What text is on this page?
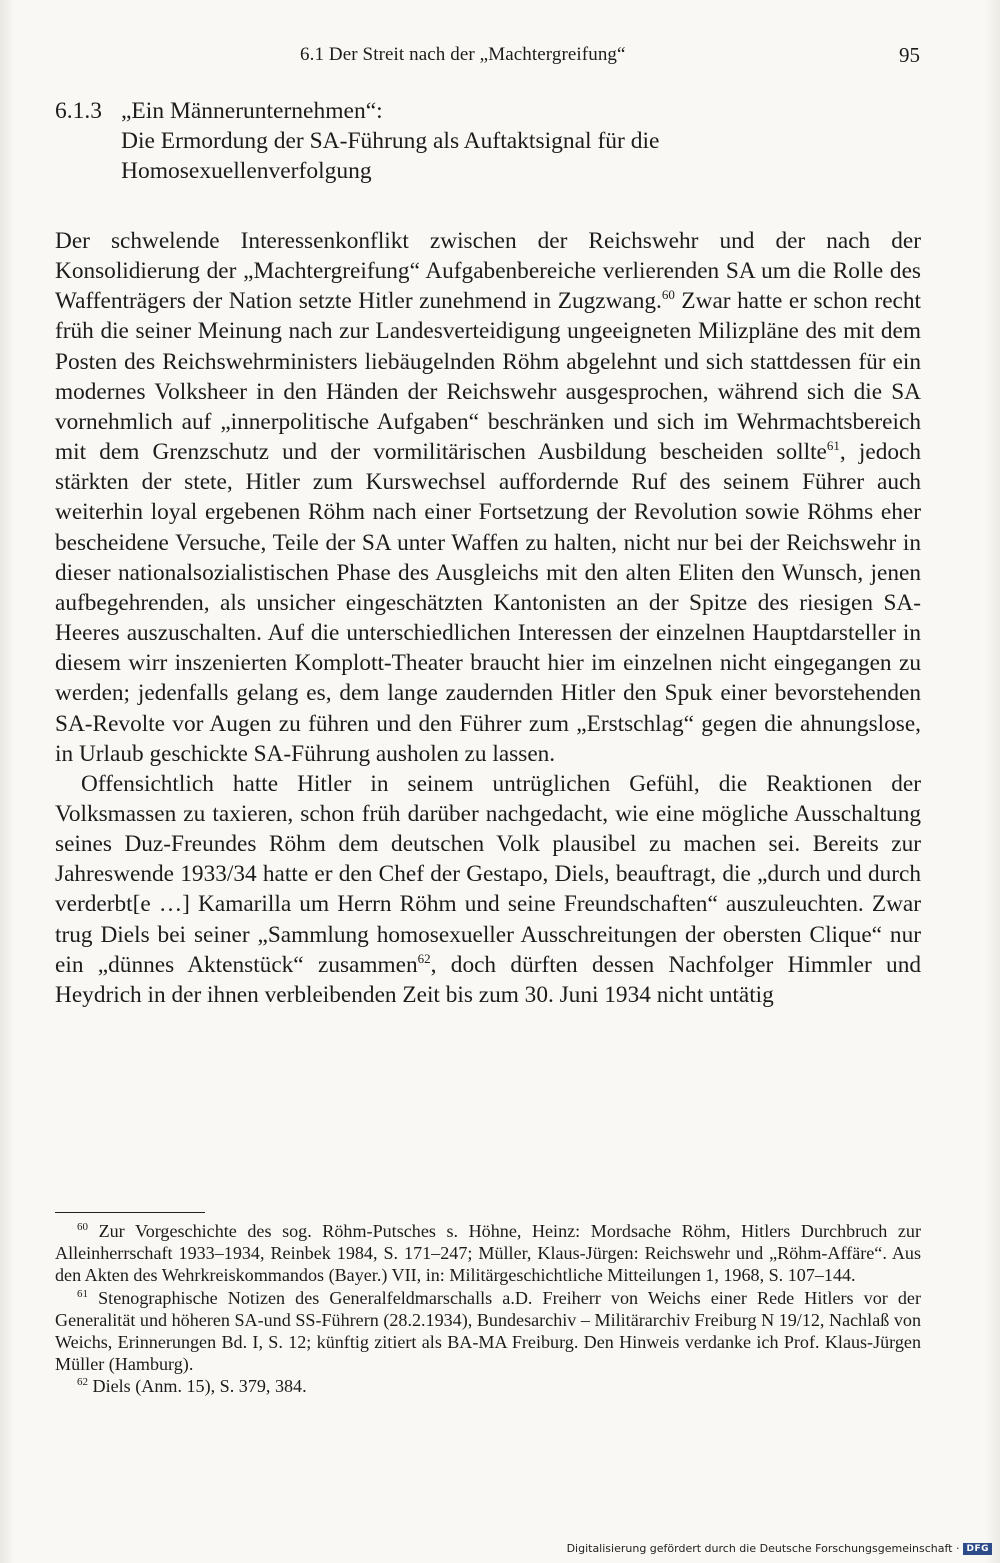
6.1 Der Streit nach der „Machtergreifung“	95
6.1.3 „Ein Männerunternehmen“:
Die Ermordung der SA-Führung als Auftaktsignal für die
Homosexuellenverfolgung

Der schwelende Interessenkonflikt zwischen der Reichswehr und der nach der Konsolidierung der „Machtergreifung“ Aufgabenbereiche verlierenden SA um die Rolle des Waffenträgers der Nation setzte Hitler zunehmend in Zugzwang.$^{60}$ Zwar hatte er schon recht früh die seiner Meinung nach zur Landesverteidigung ungeeigneten Milizpläne des mit dem Posten des Reichswehrministers liebäugelnden Röhm abgelehnt und sich stattdessen für ein modernes Volksheer in den Händen der Reichswehr ausgesprochen, während sich die SA vornehmlich auf „innerpolitische Aufgaben“ beschränken und sich im Wehrmachtsbereich mit dem Grenzschutz und der vormilitärischen Ausbildung bescheiden sollte$^{61}$, jedoch stärkten der stete, Hitler zum Kurswechsel auffordernde Ruf des seinem Führer auch weiterhin loyal ergebenen Röhm nach einer Fortsetzung der Revolution sowie Röhms eher bescheidene Versuche, Teile der SA unter Waffen zu halten, nicht nur bei der Reichswehr in dieser nationalsozialistischen Phase des Ausgleichs mit den alten Eliten den Wunsch, jenen aufbegehrenden, als unsicher eingeschätzten Kantonisten an der Spitze des riesigen SA-Heeres auszuschalten. Auf die unterschiedlichen Interessen der einzelnen Hauptdarsteller in diesem wirr inszenierten Komplott-Theater braucht hier im einzelnen nicht eingegangen zu werden; jedenfalls gelang es, dem lange zaudernden Hitler den Spuk einer bevorstehenden SA-Revolte vor Augen zu führen und den Führer zum „Erstschlag“ gegen die ahnungslose, in Urlaub geschickte SA-Führung ausholen zu lassen.

Offensichtlich hatte Hitler in seinem untrüglichen Gefühl, die Reaktionen der Volksmassen zu taxieren, schon früh darüber nachgedacht, wie eine mögliche Ausschaltung seines Duz-Freundes Röhm dem deutschen Volk plausibel zu machen sei. Bereits zur Jahreswende 1933/34 hatte er den Chef der Gestapo, Diels, beauftragt, die „durch und durch verderbt[e …] Kamarilla um Herrn Röhm und seine Freundschaften“ auszuleuchten. Zwar trug Diels bei seiner „Sammlung homosexueller Ausschreitungen der obersten Clique“ nur ein „dünnes Aktenstück“ zusammen$^{62}$, doch dürften dessen Nachfolger Himmler und Heydrich in der ihnen verbleibenden Zeit bis zum 30. Juni 1934 nicht untätig

$^{60}$ Zur Vorgeschichte des sog. Röhm-Putsches s. Höhne, Heinz: Mordsache Röhm, Hitlers Durchbruch zur Alleinherrschaft 1933–1934, Reinbek 1984, S. 171–247; Müller, Klaus-Jürgen: Reichswehr und „Röhm-Affäre“. Aus den Akten des Wehrkreiskommandos (Bayer.) VII, in: Militärgeschichtliche Mitteilungen 1, 1968, S. 107–144.

$^{61}$ Stenographische Notizen des Generalfeldmarschalls a.D. Freiherr von Weichs einer Rede Hitlers vor der Generalität und höheren SA-und SS-Führern (28.2.1934), Bundesarchiv – Militärarchiv Freiburg N 19/12, Nachlaß von Weichs, Erinnerungen Bd. I, S. 12; künftig zitiert als BA-MA Freiburg. Den Hinweis verdanke ich Prof. Klaus-Jürgen Müller (Hamburg).

$^{62}$ Diels (Anm. 15), S. 379, 384.

Digitalisierung gefördert durch die Deutsche Forschungsgemeinschaft · DFG
